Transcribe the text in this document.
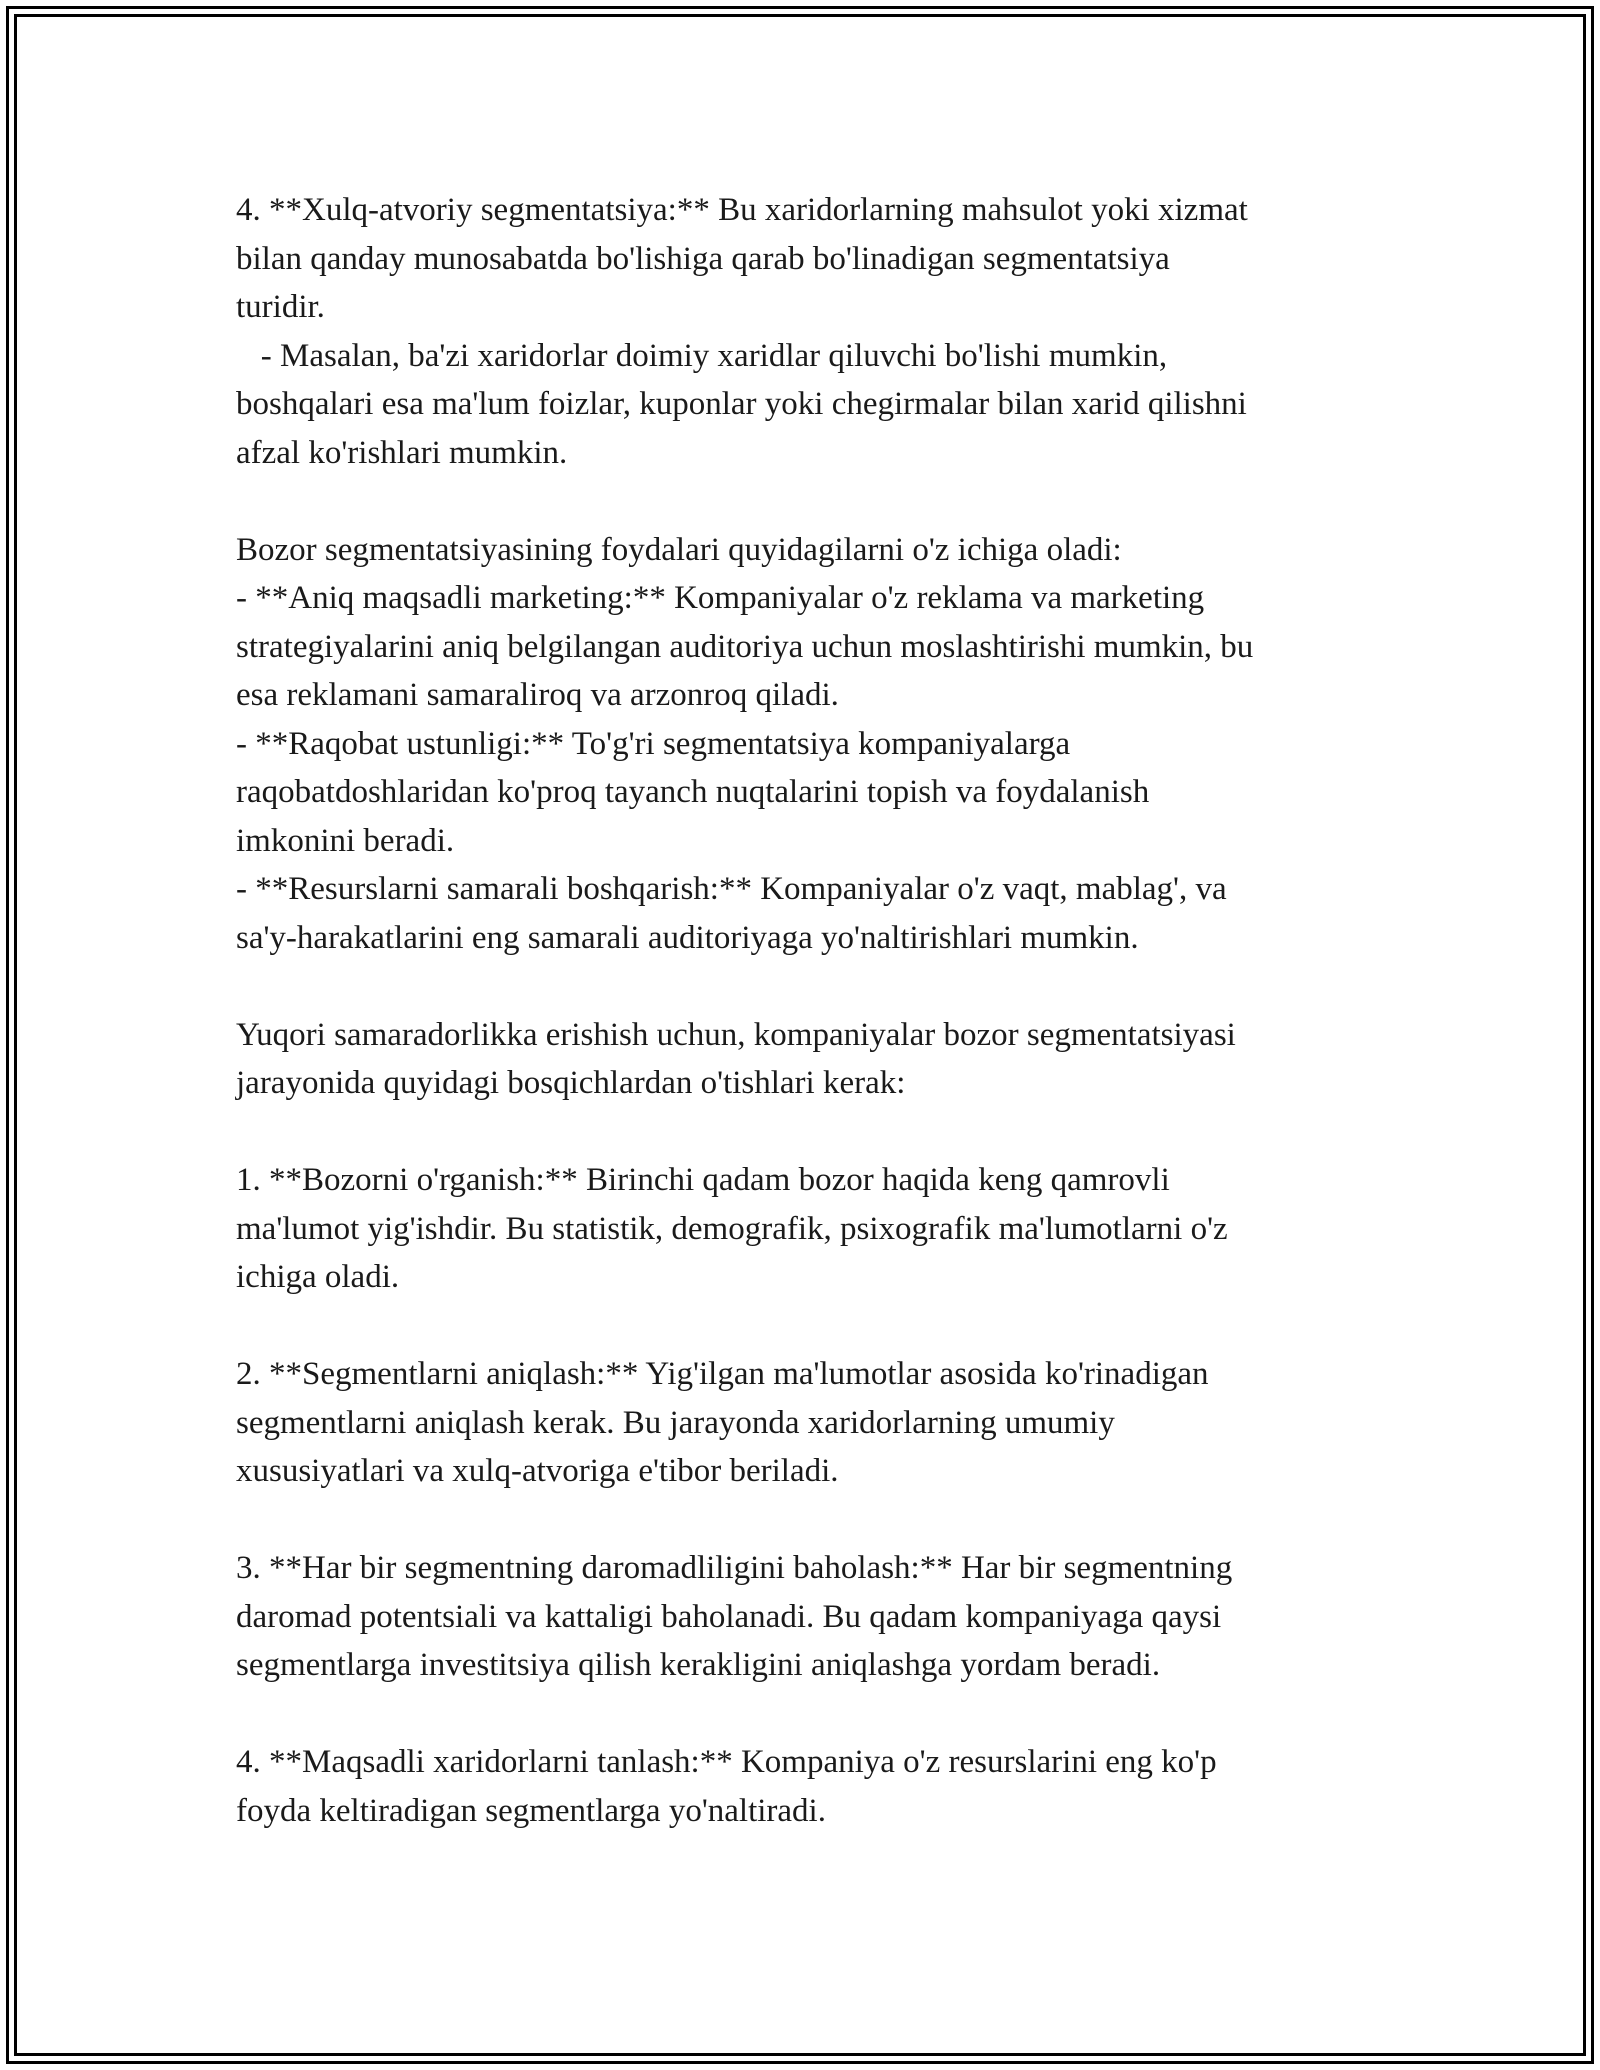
4. **Xulq-atvoriy segmentatsiya:** Bu xaridorlarning mahsulot yoki xizmat
bilan qanday munosabatda bo'lishiga qarab bo'linadigan segmentatsiya
turidir.
- Masalan, ba'zi xaridorlar doimiy xaridlar qiluvchi bo'lishi mumkin,
boshqalari esa ma'lum foizlar, kuponlar yoki chegirmalar bilan xarid qilishni
afzal ko'rishlari mumkin.
Bozor segmentatsiyasining foydalari quyidagilarni o'z ichiga oladi:
- **Aniq maqsadli marketing:** Kompaniyalar o'z reklama va marketing
strategiyalarini aniq belgilangan auditoriya uchun moslashtirishi mumkin, bu
esa reklamani samaraliroq va arzonroq qiladi.
- **Raqobat ustunligi:** To'g'ri segmentatsiya kompaniyalarga
raqobatdoshlaridan ko'proq tayanch nuqtalarini topish va foydalanish
imkonini beradi.
- **Resurslarni samarali boshqarish:** Kompaniyalar o'z vaqt, mablag', va
sa'y-harakatlarini eng samarali auditoriyaga yo'naltirishlari mumkin.
Yuqori samaradorlikka erishish uchun, kompaniyalar bozor segmentatsiyasi
jarayonida quyidagi bosqichlardan o'tishlari kerak:
1. **Bozorni o'rganish:** Birinchi qadam bozor haqida keng qamrovli
ma'lumot yig'ishdir. Bu statistik, demografik, psixografik ma'lumotlarni o'z
ichiga oladi.
2. **Segmentlarni aniqlash:** Yig'ilgan ma'lumotlar asosida ko'rinadigan
segmentlarni aniqlash kerak. Bu jarayonda xaridorlarning umumiy
xususiyatlari va xulq-atvoriga e'tibor beriladi.
3. **Har bir segmentning daromadliligini baholash:** Har bir segmentning
daromad potentsiali va kattaligi baholanadi. Bu qadam kompaniyaga qaysi
segmentlarga investitsiya qilish kerakligini aniqlashga yordam beradi.
4. **Maqsadli xaridorlarni tanlash:** Kompaniya o'z resurslarini eng ko'p
foyda keltiradigan segmentlarga yo'naltiradi.
